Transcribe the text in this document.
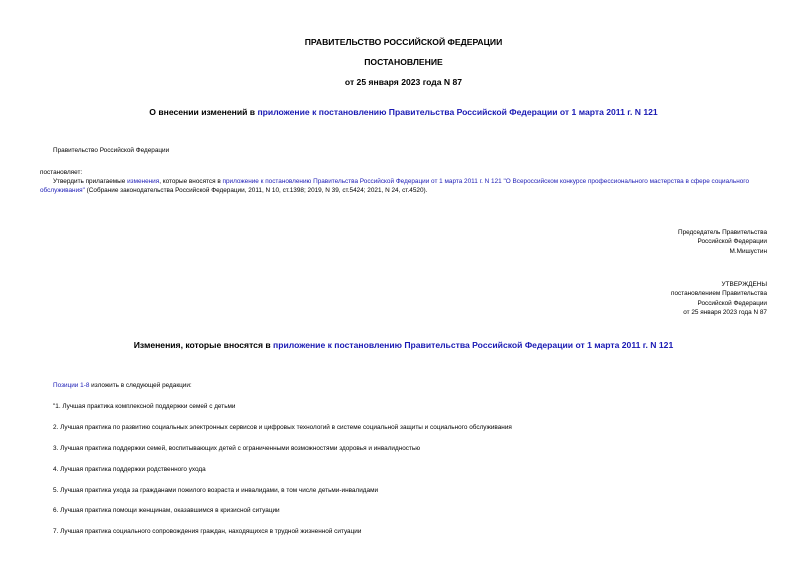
ПРАВИТЕЛЬСТВО РОССИЙСКОЙ ФЕДЕРАЦИИ
ПОСТАНОВЛЕНИЕ
от 25 января 2023 года N 87
О внесении изменений в приложение к постановлению Правительства Российской Федерации от 1 марта 2011 г. N 121
Правительство Российской Федерации
постановляет:
Утвердить прилагаемые изменения, которые вносятся в приложение к постановлению Правительства Российской Федерации от 1 марта 2011 г. N 121 "О Всероссийском конкурсе профессионального мастерства в сфере социального обслуживания" (Собрание законодательства Российской Федерации, 2011, N 10, ст.1398; 2019, N 39, ст.5424; 2021, N 24, ст.4520).
Председатель Правительства
Российской Федерации
М.Мишустин
УТВЕРЖДЕНЫ
постановлением Правительства
Российской Федерации
от 25 января 2023 года N 87
Изменения, которые вносятся в приложение к постановлению Правительства Российской Федерации от 1 марта 2011 г. N 121
Позиции 1-8 изложить в следующей редакции:
"1. Лучшая практика комплексной поддержки семей с детьми
2. Лучшая практика по развитию социальных электронных сервисов и цифровых технологий в системе социальной защиты и социального обслуживания
3. Лучшая практика поддержки семей, воспитывающих детей с ограниченными возможностями здоровья и инвалидностью
4. Лучшая практика поддержки родственного ухода
5. Лучшая практика ухода за гражданами пожилого возраста и инвалидами, в том числе детьми-инвалидами
6. Лучшая практика помощи женщинам, оказавшимся в кризисной ситуации
7. Лучшая практика социального сопровождения граждан, находящихся в трудной жизненной ситуации
